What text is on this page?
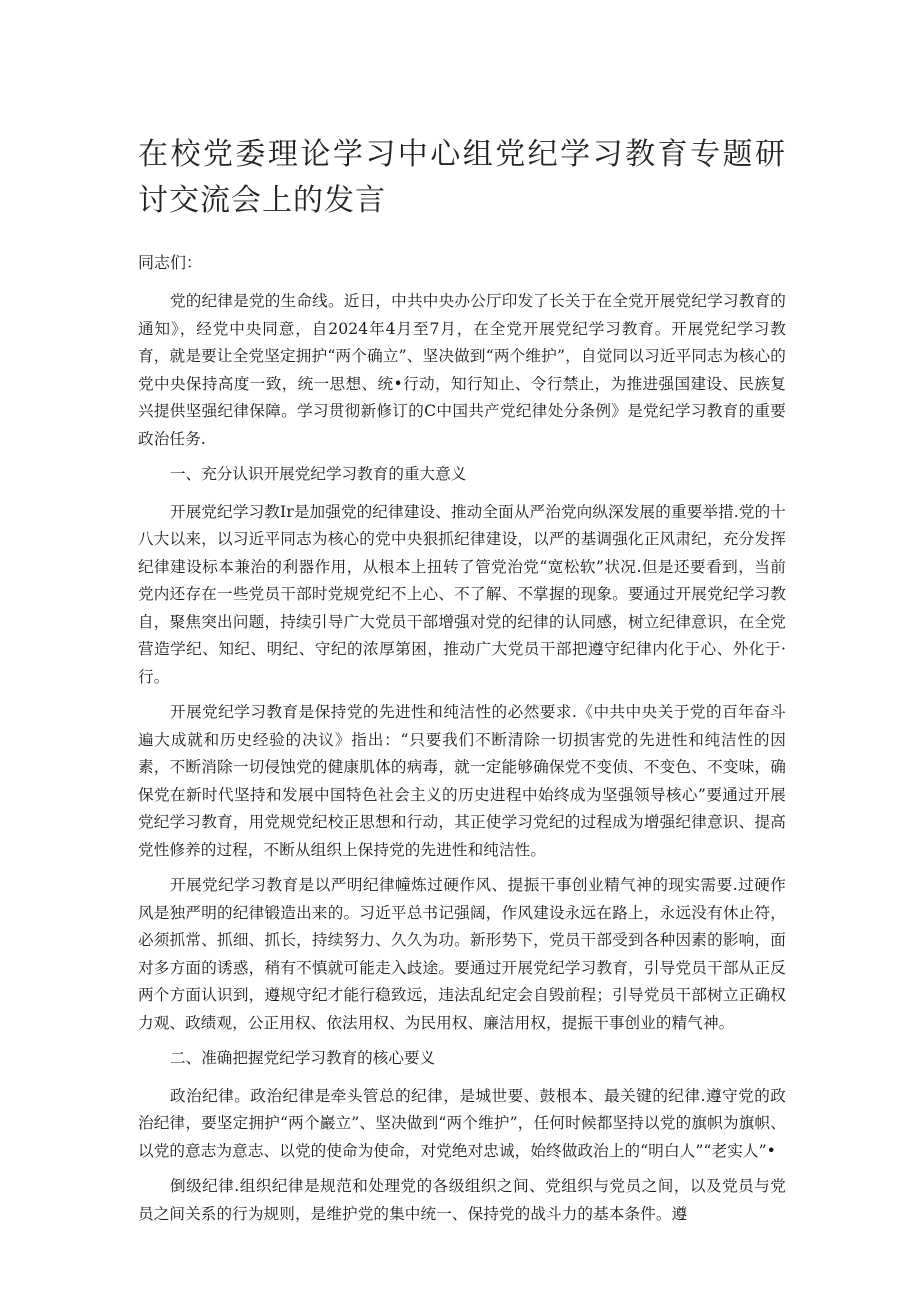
在校党委理论学习中心组党纪学习教育专题研讨交流会上的发言

同志们：

党的纪律是党的生命线。近日，中共中央办公厅印发了长关于在全党开展党纪学习教育的通知》，经党中央同意，自2024年4月至7月，在全党开展党纪学习教育。开展党纪学习教育，就是要让全党坚定拥护“两个确立”、坚决做到“两个维护”，自觉同以习近平同志为核心的党中央保持高度一致，统一思想、统•行动，知行知止、令行禁止，为推进强国建设、民族复兴提供坚强纪律保障。学习贯彻新修订的C中国共产党纪律处分条例》是党纪学习教育的重要政治任务.

一、充分认识开展党纪学习教育的重大意义

开展党纪学习教Ir是加强党的纪律建设、推动全面从严治党向纵深发展的重要举措.党的十八大以来，以习近平同志为核心的党中央狠抓纪律建设，以严的基调强化正风肃纪，充分发挥纪律建设标本兼治的利器作用，从根本上扭转了管党治党“宽松软”状况.但是还要看到，当前党内还存在一些党员干部时党规党纪不上心、不了解、不掌握的现象。要通过开展党纪学习教自，聚焦突出问题，持续引导广大党员干部增强对党的纪律的认同感，树立纪律意识，在全党营造学纪、知纪、明纪、守纪的浓厚第困，推动广大党员干部把遵守纪律内化于心、外化于·行。

开展党纪学习教育是保持党的先进性和纯洁性的必然要求.《中共中央关于党的百年奋斗遍大成就和历史经验的决议》指出：“只要我们不断清除一切损害党的先进性和纯洁性的因素，不断消除一切侵蚀党的健康肌体的病毒，就一定能够确保党不变侦、不变色、不变味，确保党在新时代坚持和发展中国特色社会主义的历史进程中始终成为坚强领导核心”要通过开展党纪学习教育，用党规党纪校正思想和行动，其正使学习党纪的过程成为增强纪律意识、提高党性修养的过程，不断从组织上保持党的先进性和纯洁性。

开展党纪学习教育是以严明纪律幢炼过硬作风、提振干事创业精气神的现实需要.过硬作风是独严明的纪律锻造出来的。习近平总书记强阔，作风建设永远在路上，永远没有休止符，必须抓常、抓细、抓长，持续努力、久久为功。新形势下，党员干部受到各种因素的影响，面对多方面的诱惑，稍有不慎就可能走入歧途。要通过开展党纪学习教育，引导党员干部从正反两个方面认识到，遵规守纪才能行稳致远，违法乱纪定会自毁前程；引导党员干部树立正确权力观、政绩观，公正用权、依法用权、为民用权、廉洁用权，提振干事创业的精气神。

二、准确把握党纪学习教育的核心要义

政治纪律。政治纪律是牵头管总的纪律，是城世要、鼓根本、最关键的纪律.遵守党的政治纪律，要坚定拥护“两个巖立”、坚决做到“两个维护”，任何时候都坚持以党的旗帜为旗帜、以党的意志为意志、以党的使命为使命，对党绝对忠诚，始终做政治上的“明白人”“老实人”•

倒级纪律.组织纪律是规范和处理党的各级组织之间、党组织与党员之间，以及党员与党员之间关系的行为规则，是维护党的集中统一、保持党的战斗力的基本条件。遵
